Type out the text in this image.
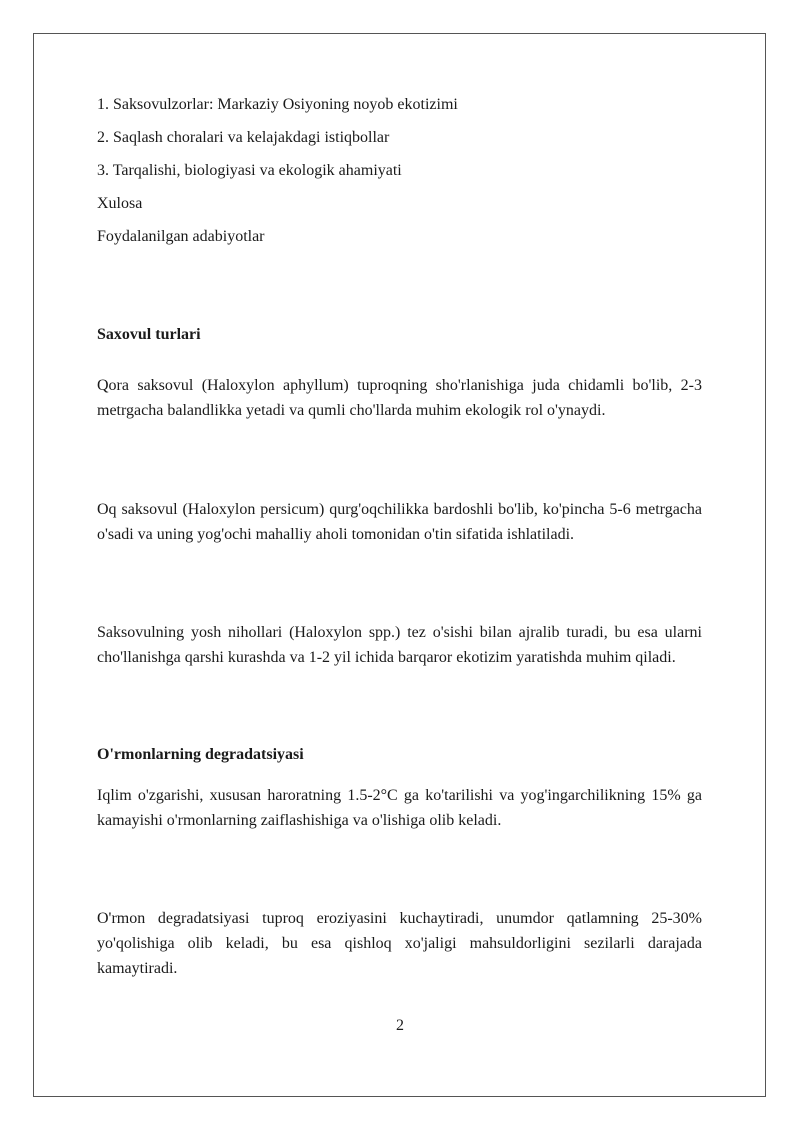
1. Saksovulzorlar: Markaziy Osiyoning noyob ekotizimi
2. Saqlash choralari va kelajakdagi istiqbollar
3. Tarqalishi, biologiyasi va ekologik ahamiyati
Xulosa
Foydalanilgan adabiyotlar
Saxovul turlari
Qora saksovul (Haloxylon aphyllum) tuproqning sho'rlanishiga juda chidamli bo'lib, 2-3 metrgacha balandlikka yetadi va qumli cho'llarda muhim ekologik rol o'ynaydi.
Oq saksovul (Haloxylon persicum) qurg'oqchilikka bardoshli bo'lib, ko'pincha 5-6 metrgacha o'sadi va uning yog'ochi mahalliy aholi tomonidan o'tin sifatida ishlatiladi.
Saksovulning yosh nihollari (Haloxylon spp.) tez o'sishi bilan ajralib turadi, bu esa ularni cho'llanishga qarshi kurashda va 1-2 yil ichida barqaror ekotizim yaratishda muhim qiladi.
O'rmonlarning degradatsiyasi
Iqlim o'zgarishi, xususan haroratning 1.5-2°C ga ko'tarilishi va yog'ingarchilikning 15% ga kamayishi o'rmonlarning zaiflashishiga va o'lishiga olib keladi.
O'rmon degradatsiyasi tuproq eroziyasini kuchaytiradi, unumdor qatlamning 25-30% yo'qolishiga olib keladi, bu esa qishloq xo'jaligi mahsuldorligini sezilarli darajada kamaytiradi.
2
